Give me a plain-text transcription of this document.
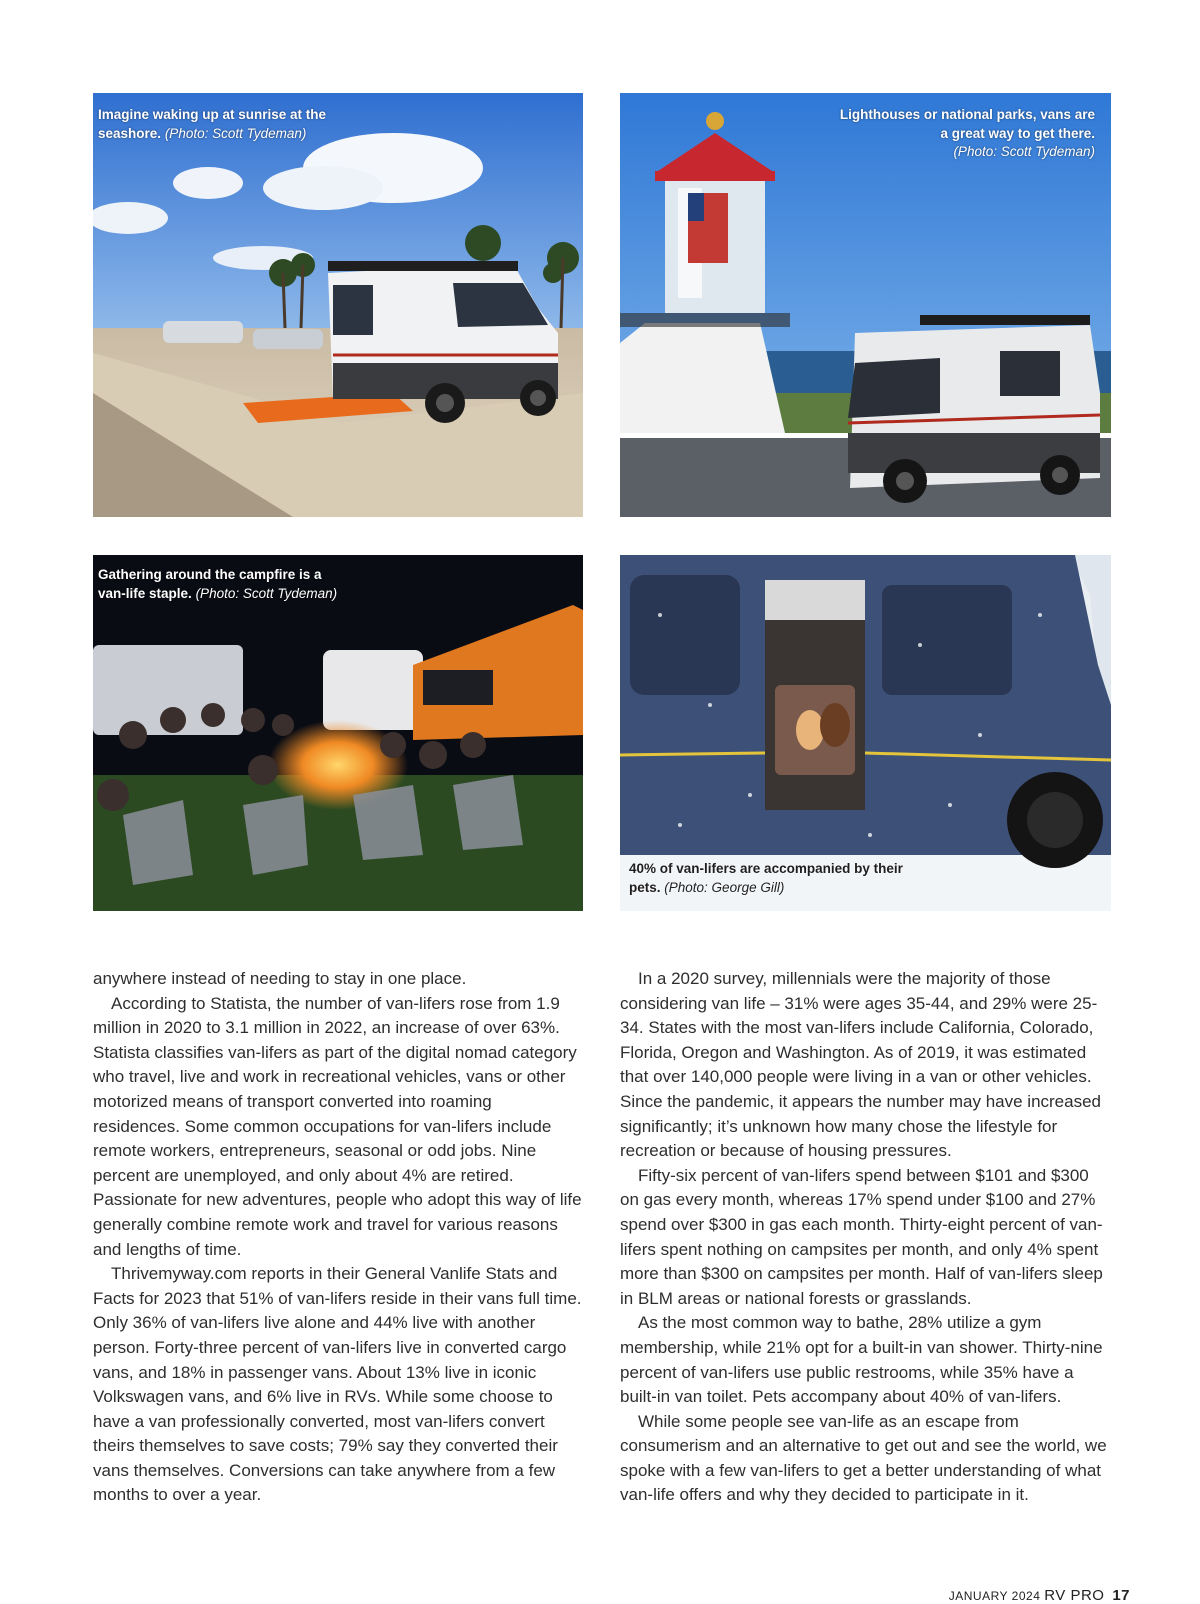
Imagine waking up at sunrise at the seashore. (Photo: Scott Tydeman)
Lighthouses or national parks, vans are a great way to get there.
(Photo: Scott Tydeman)
Gathering around the campfire is a van-life staple. (Photo: Scott Tydeman)
40% of van-lifers are accompanied by their pets. (Photo: George Gill)

anywhere instead of needing to stay in one place.

According to Statista, the number of van-lifers rose from 1.9 million in 2020 to 3.1 million in 2022, an increase of over 63%. Statista classifies van-lifers as part of the digital nomad category who travel, live and work in recreational vehicles, vans or other motorized means of transport converted into roaming residences. Some common occupations for van-lifers include remote workers, entrepreneurs, seasonal or odd jobs. Nine percent are unemployed, and only about 4% are retired. Passionate for new adventures, people who adopt this way of life generally combine remote work and travel for various reasons and lengths of time.

Thrivemyway.com reports in their General Vanlife Stats and Facts for 2023 that 51% of van-lifers reside in their vans full time. Only 36% of van-lifers live alone and 44% live with another person. Forty-three percent of van-lifers live in converted cargo vans, and 18% in passenger vans. About 13% live in iconic Volkswagen vans, and 6% live in RVs. While some choose to have a van professionally converted, most van-lifers convert theirs themselves to save costs; 79% say they converted their vans themselves. Conversions can take anywhere from a few months to over a year.

In a 2020 survey, millennials were the majority of those considering van life – 31% were ages 35-44, and 29% were 25-34. States with the most van-lifers include California, Colorado, Florida, Oregon and Washington. As of 2019, it was estimated that over 140,000 people were living in a van or other vehicles. Since the pandemic, it appears the number may have increased significantly; it’s unknown how many chose the lifestyle for recreation or because of housing pressures.

Fifty-six percent of van-lifers spend between $101 and $300 on gas every month, whereas 17% spend under $100 and 27% spend over $300 in gas each month. Thirty-eight percent of van-lifers spent nothing on campsites per month, and only 4% spent more than $300 on campsites per month. Half of van-lifers sleep in BLM areas or national forests or grasslands.

As the most common way to bathe, 28% utilize a gym membership, while 21% opt for a built-in van shower. Thirty-nine percent of van-lifers use public restrooms, while 35% have a built-in van toilet. Pets accompany about 40% of van-lifers.

While some people see van-life as an escape from consumerism and an alternative to get out and see the world, we spoke with a few van-lifers to get a better understanding of what van-life offers and why they decided to participate in it.

JANUARY 2024 RV PRO 17
